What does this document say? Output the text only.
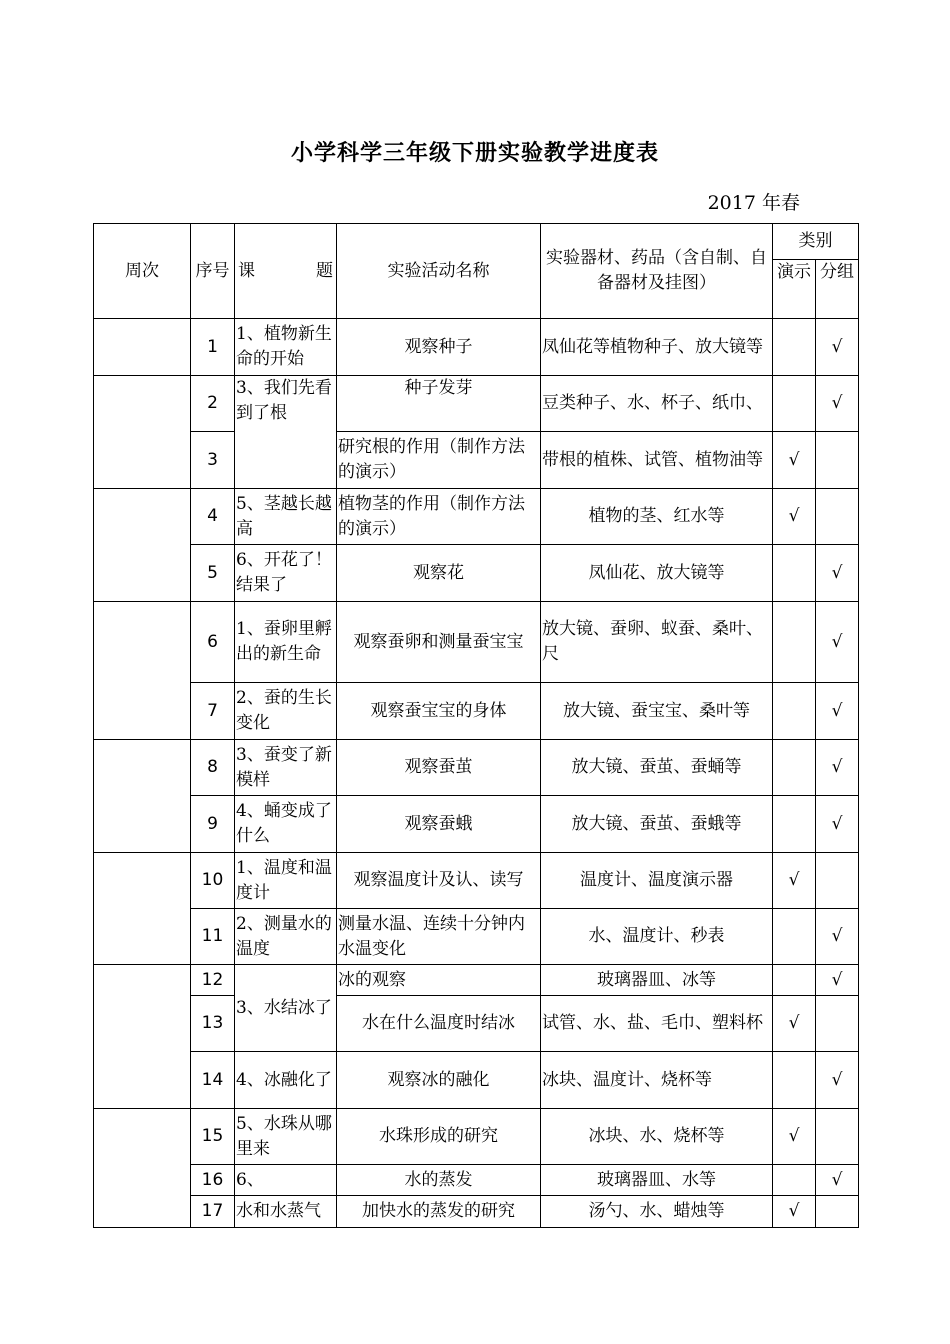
小学科学三年级下册实验教学进度表
2017 年春
周次	序号	课 题	实验活动名称	实验器材、药品（含自制、自备器材及挂图）	类别	
					演示	分组
	1	1、植物新生命的开始	观察种子	凤仙花等植物种子、放大镜等		√
	2	3、我们先看到了根	种子发芽	豆类种子、水、杯子、纸巾、		√
	3		研究根的作用（制作方法的演示）	带根的植株、试管、植物油等	√	
	4	5、茎越长越高	植物茎的作用（制作方法的演示）	植物的茎、红水等	√	
	5	6、开花了！结果了	观察花	凤仙花、放大镜等		√
	6	1、蚕卵里孵出的新生命	观察蚕卵和测量蚕宝宝	放大镜、蚕卵、蚁蚕、桑叶、尺		√
	7	2、蚕的生长变化	观察蚕宝宝的身体	放大镜、蚕宝宝、桑叶等		√
	8	3、蚕变了新模样	观察蚕茧	放大镜、蚕茧、蚕蛹等		√
	9	4、蛹变成了什么	观察蚕蛾	放大镜、蚕茧、蚕蛾等		√
	10	1、温度和温度计	观察温度计及认、读写	温度计、温度演示器	√	
	11	2、测量水的温度	测量水温、连续十分钟内水温变化	水、温度计、秒表		√
	12	3、水结冰了	冰的观察	玻璃器皿、冰等		√
	13		水在什么温度时结冰	试管、水、盐、毛巾、塑料杯	√	
	14	4、冰融化了	观察冰的融化	冰块、温度计、烧杯等		√
	15	5、水珠从哪里来	水珠形成的研究	冰块、水、烧杯等	√	
	16	6、	水的蒸发	玻璃器皿、水等		√
	17	水和水蒸气	加快水的蒸发的研究	汤勺、水、蜡烛等	√	
